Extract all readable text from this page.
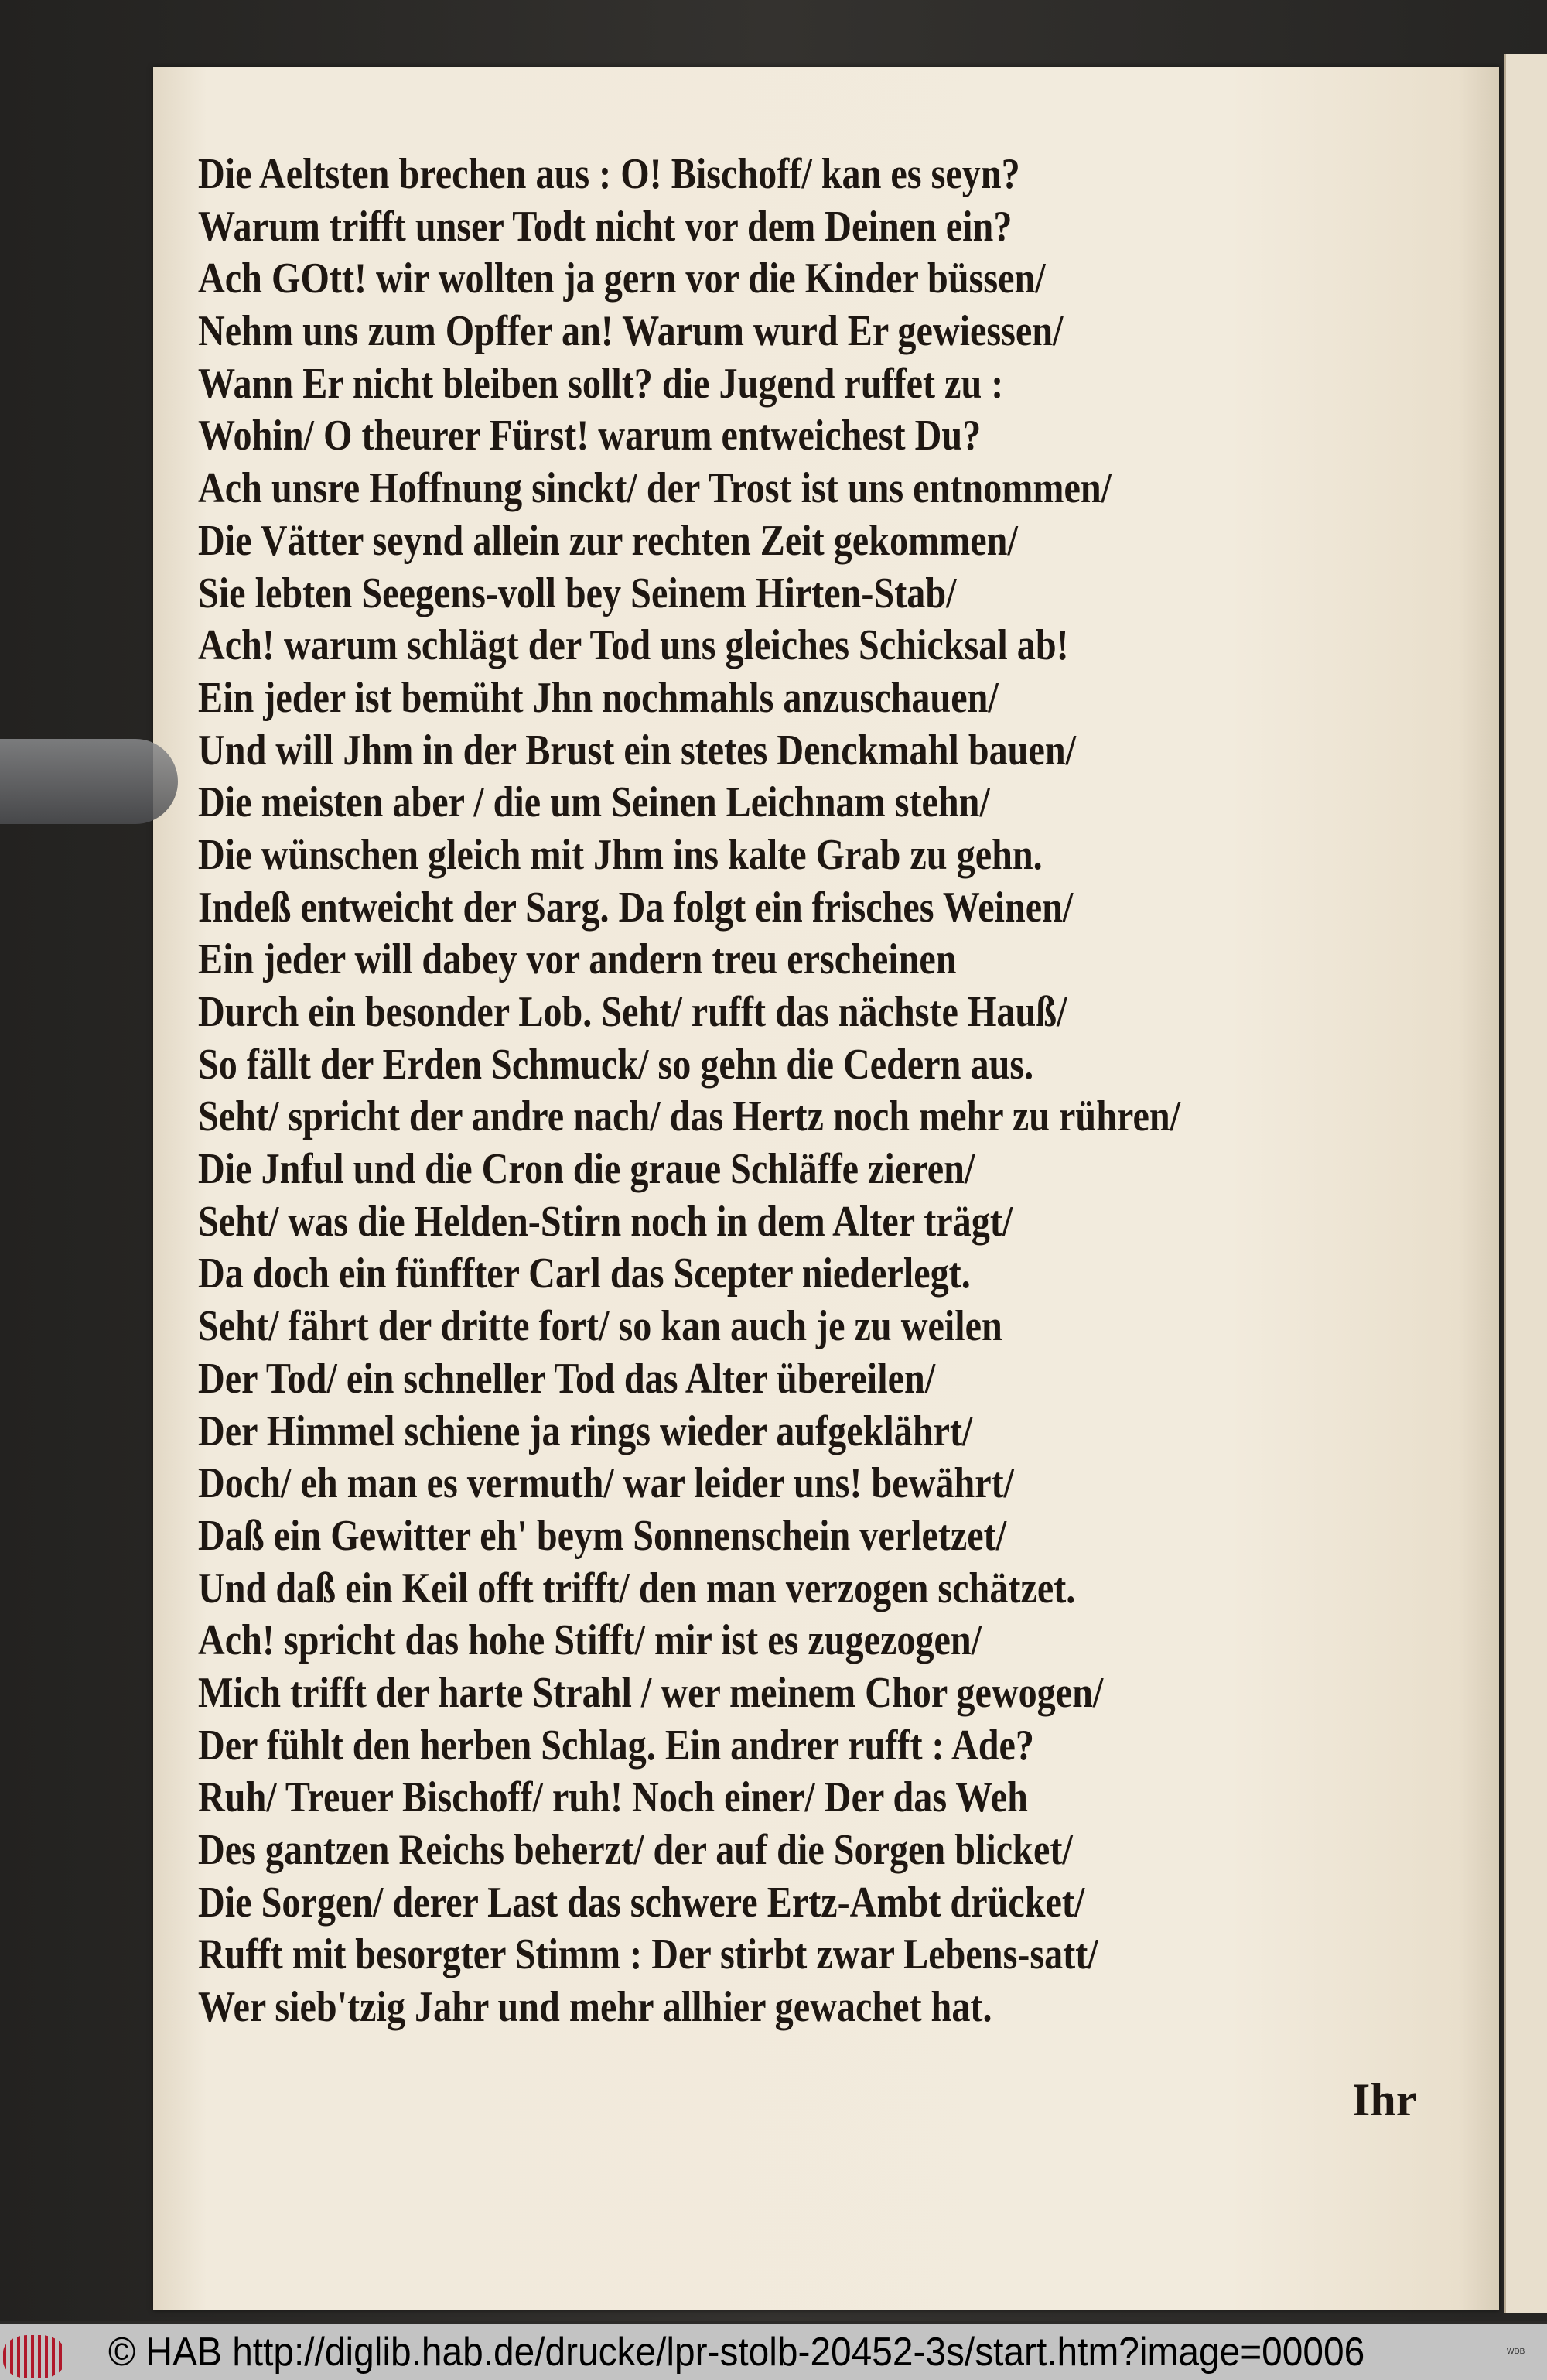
Die Aeltsten brechen aus : O! Bischoff/ kan es seyn?
Warum trifft unser Todt nicht vor dem Deinen ein?
Ach GOtt! wir wollten ja gern vor die Kinder büssen/
Nehm uns zum Opffer an! Warum wurd Er gewiessen/
Wann Er nicht bleiben sollt? die Jugend ruffet zu :
Wohin/ O theurer Fürst! warum entweichest Du?
Ach unsre Hoffnung sinckt/ der Trost ist uns entnommen/
Die Vätter seynd allein zur rechten Zeit gekommen/
Sie lebten Seegens-voll bey Seinem Hirten-Stab/
Ach! warum schlägt der Tod uns gleiches Schicksal ab!
Ein jeder ist bemüht Jhn nochmahls anzuschauen/
Und will Jhm in der Brust ein stetes Denckmahl bauen/
Die meisten aber / die um Seinen Leichnam stehn/
Die wünschen gleich mit Jhm ins kalte Grab zu gehn.
Indeß entweicht der Sarg. Da folgt ein frisches Weinen/
Ein jeder will dabey vor andern treu erscheinen
Durch ein besonder Lob. Seht/ rufft das nächste Hauß/
So fällt der Erden Schmuck/ so gehn die Cedern aus.
Seht/ spricht der andre nach/ das Hertz noch mehr zu rühren/
Die Jnful und die Cron die graue Schläffe zieren/
Seht/ was die Helden-Stirn noch in dem Alter trägt/
Da doch ein fünffter Carl das Scepter niederlegt.
Seht/ fährt der dritte fort/ so kan auch je zu weilen
Der Tod/ ein schneller Tod das Alter übereilen/
Der Himmel schiene ja rings wieder aufgeklährt/
Doch/ eh man es vermuth/ war leider uns! bewährt/
Daß ein Gewitter eh' beym Sonnenschein verletzet/
Und daß ein Keil offt trifft/ den man verzogen schätzet.
Ach! spricht das hohe Stifft/ mir ist es zugezogen/
Mich trifft der harte Strahl / wer meinem Chor gewogen/
Der fühlt den herben Schlag. Ein andrer rufft : Ade?
Ruh/ Treuer Bischoff/ ruh! Noch einer/ Der das Weh
Des gantzen Reichs beherzt/ der auf die Sorgen blicket/
Die Sorgen/ derer Last das schwere Ertz-Ambt drücket/
Rufft mit besorgter Stimm : Der stirbt zwar Lebens-satt/
Wer sieb'tzig Jahr und mehr allhier gewachet hat.
Ihr
© HAB http://diglib.hab.de/drucke/lpr-stolb-20452-3s/start.htm?image=00006	WDB
